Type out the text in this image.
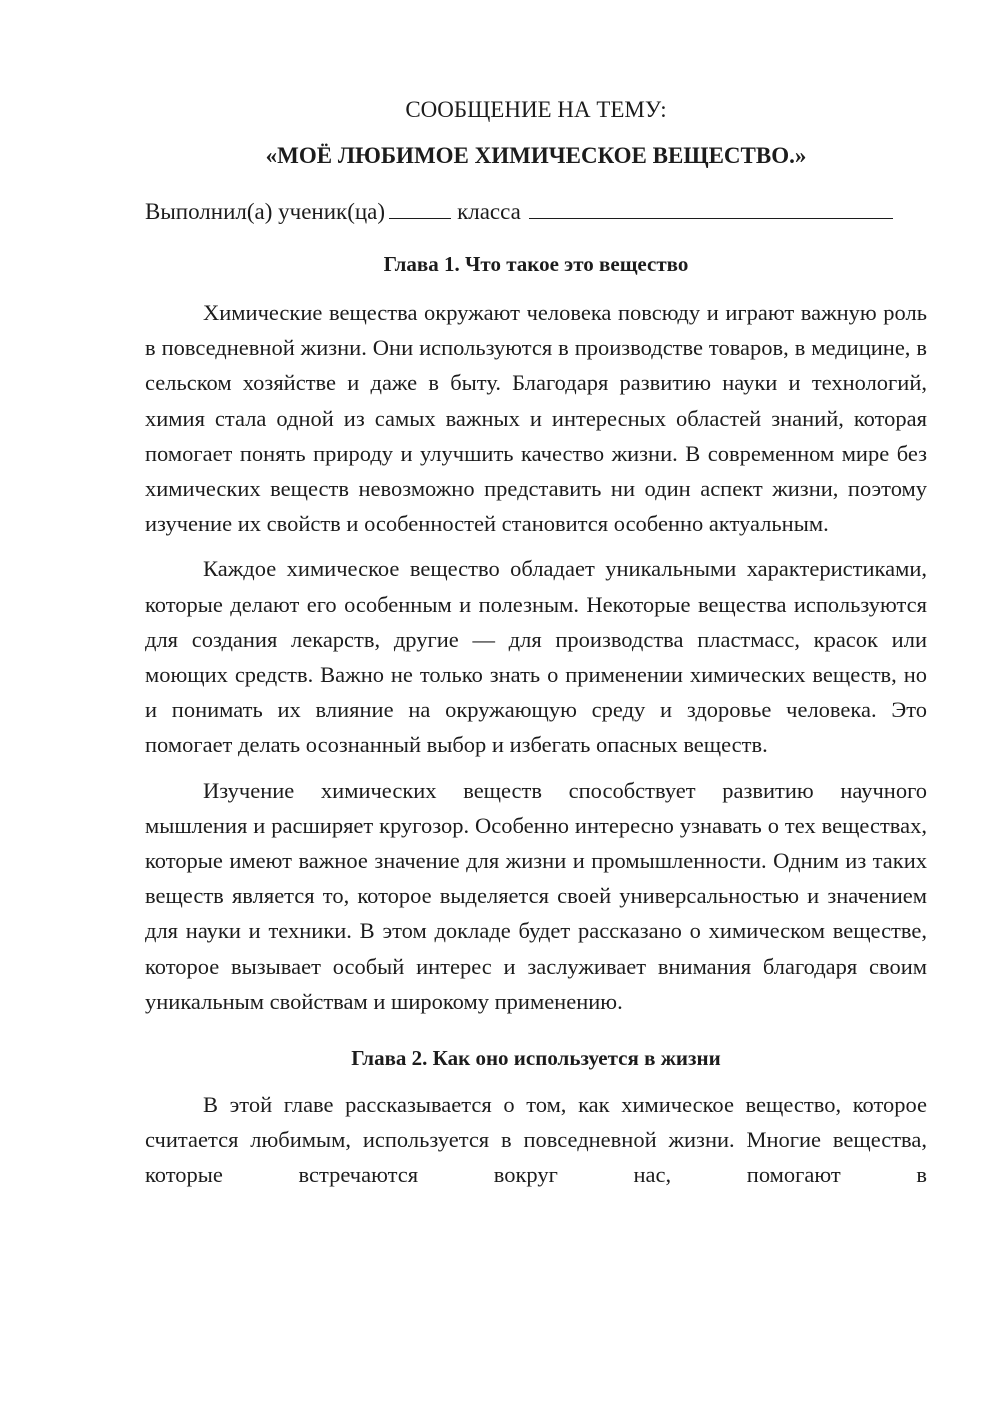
СООБЩЕНИЕ НА ТЕМУ:

«МОЁ ЛЮБИМОЕ ХИМИЧЕСКОЕ ВЕЩЕСТВО.»

Выполнил(а) ученик(ца)	класса

Глава 1. Что такое это вещество

Химические вещества окружают человека повсюду и играют важную роль в повседневной жизни. Они используются в производстве товаров, в медицине, в сельском хозяйстве и даже в быту. Благодаря развитию науки и технологий, химия стала одной из самых важных и интересных областей знаний, которая помогает понять природу и улучшить качество жизни. В современном мире без химических веществ невозможно представить ни один аспект жизни, поэтому изучение их свойств и особенностей становится особенно актуальным.

Каждое химическое вещество обладает уникальными характеристиками, которые делают его особенным и полезным. Некоторые вещества используются для создания лекарств, другие — для производства пластмасс, красок или моющих средств. Важно не только знать о применении химических веществ, но и понимать их влияние на окружающую среду и здоровье человека. Это помогает делать осознанный выбор и избегать опасных веществ.

Изучение химических веществ способствует развитию научного мышления и расширяет кругозор. Особенно интересно узнавать о тех веществах, которые имеют важное значение для жизни и промышленности. Одним из таких веществ является то, которое выделяется своей универсальностью и значением для науки и техники. В этом докладе будет рассказано о химическом веществе, которое вызывает особый интерес и заслуживает внимания благодаря своим уникальным свойствам и широкому применению.

Глава 2. Как оно используется в жизни

В этой главе рассказывается о том, как химическое вещество, которое считается любимым, используется в повседневной жизни. Многие вещества, которые встречаются вокруг нас, помогают в
